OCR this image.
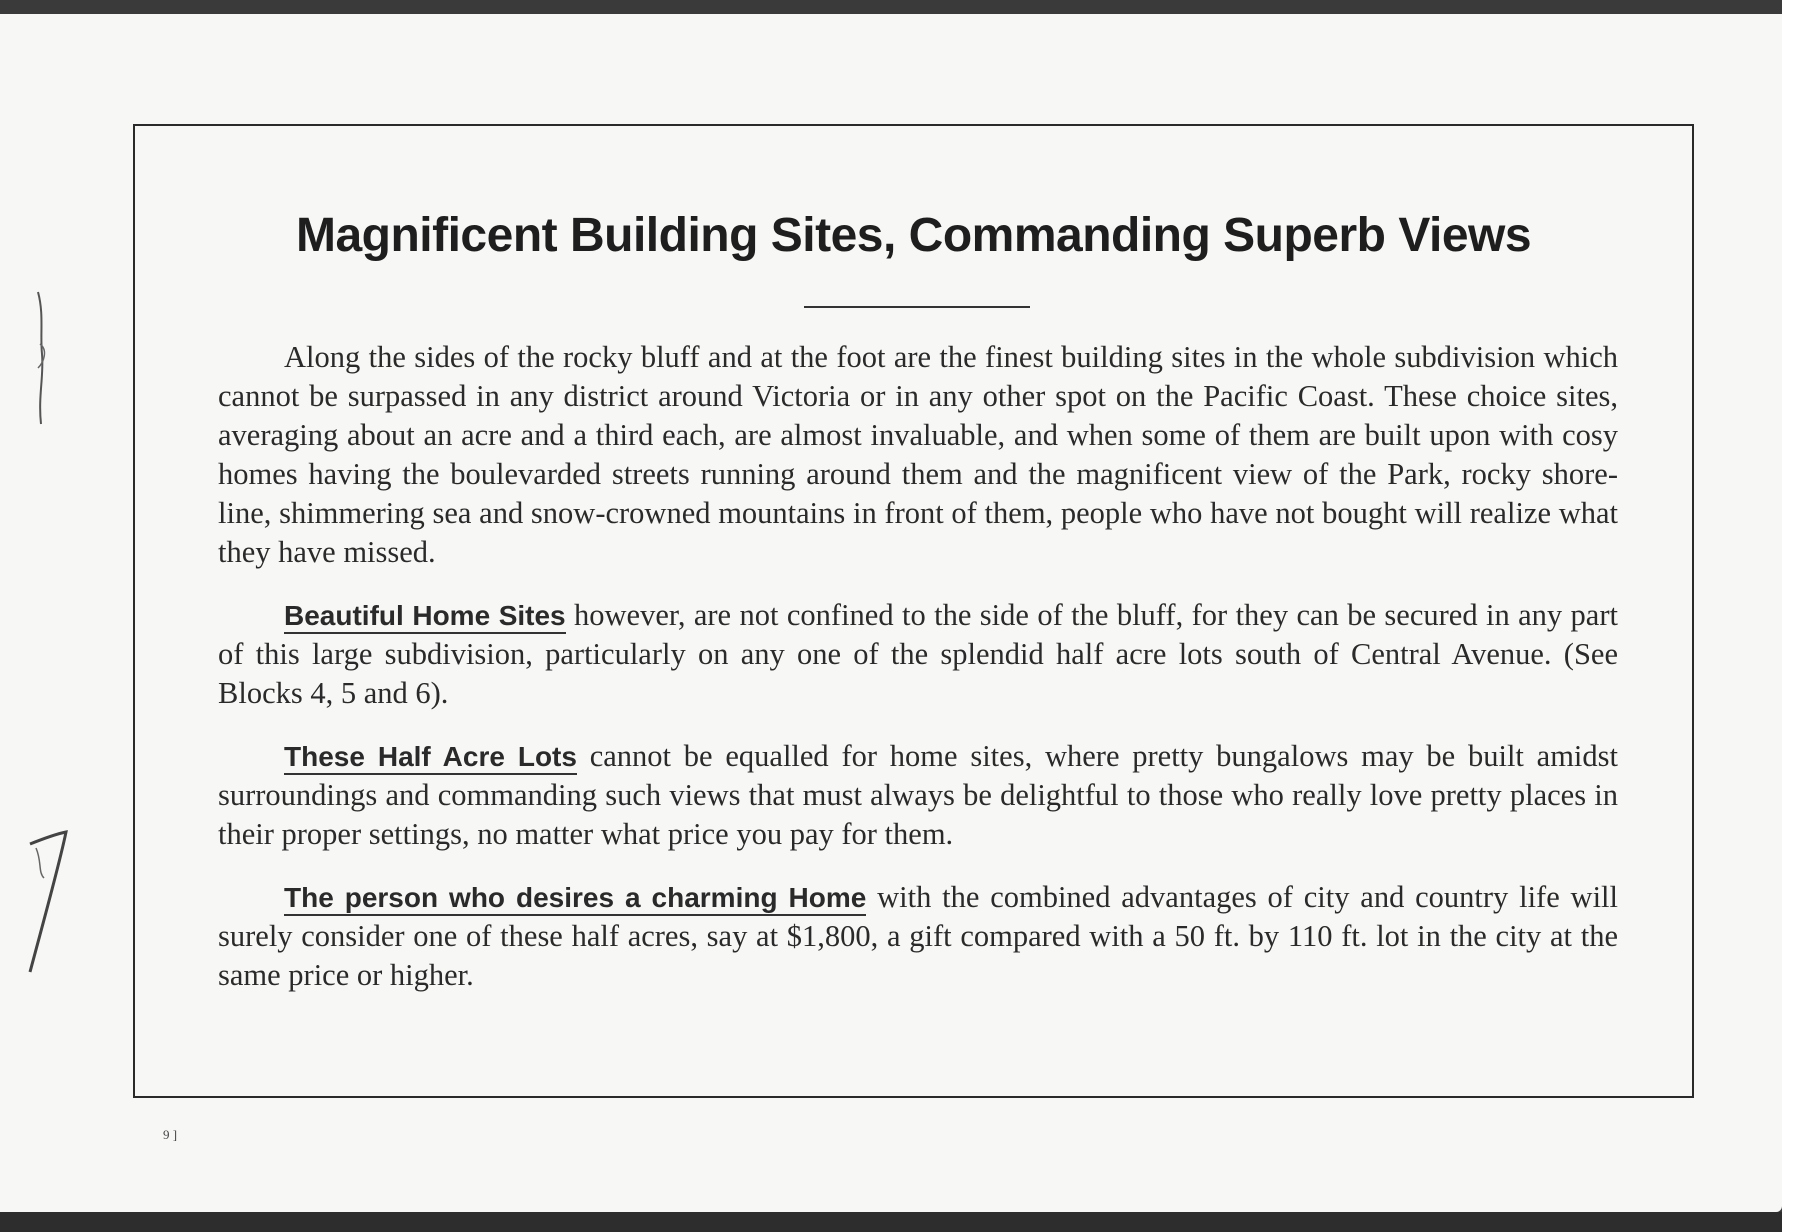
Magnificent Building Sites, Commanding Superb Views

Along the sides of the rocky bluff and at the foot are the finest building sites in the whole subdivision which cannot be surpassed in any district around Victoria or in any other spot on the Pacific Coast. These choice sites, averaging about an acre and a third each, are almost invaluable, and when some of them are built upon with cosy homes having the boulevarded streets running around them and the magnificent view of the Park, rocky shore-line, shimmering sea and snow-crowned mountains in front of them, people who have not bought will realize what they have missed.

Beautiful Home Sites however, are not confined to the side of the bluff, for they can be secured in any part of this large subdivision, particularly on any one of the splendid half acre lots south of Central Avenue. (See Blocks 4, 5 and 6).

These Half Acre Lots cannot be equalled for home sites, where pretty bungalows may be built amidst surroundings and commanding such views that must always be delightful to those who really love pretty places in their proper settings, no matter what price you pay for them.

The person who desires a charming Home with the combined advantages of city and country life will surely consider one of these half acres, say at $1,800, a gift compared with a 50 ft. by 110 ft. lot in the city at the same price or higher.

9 ]
